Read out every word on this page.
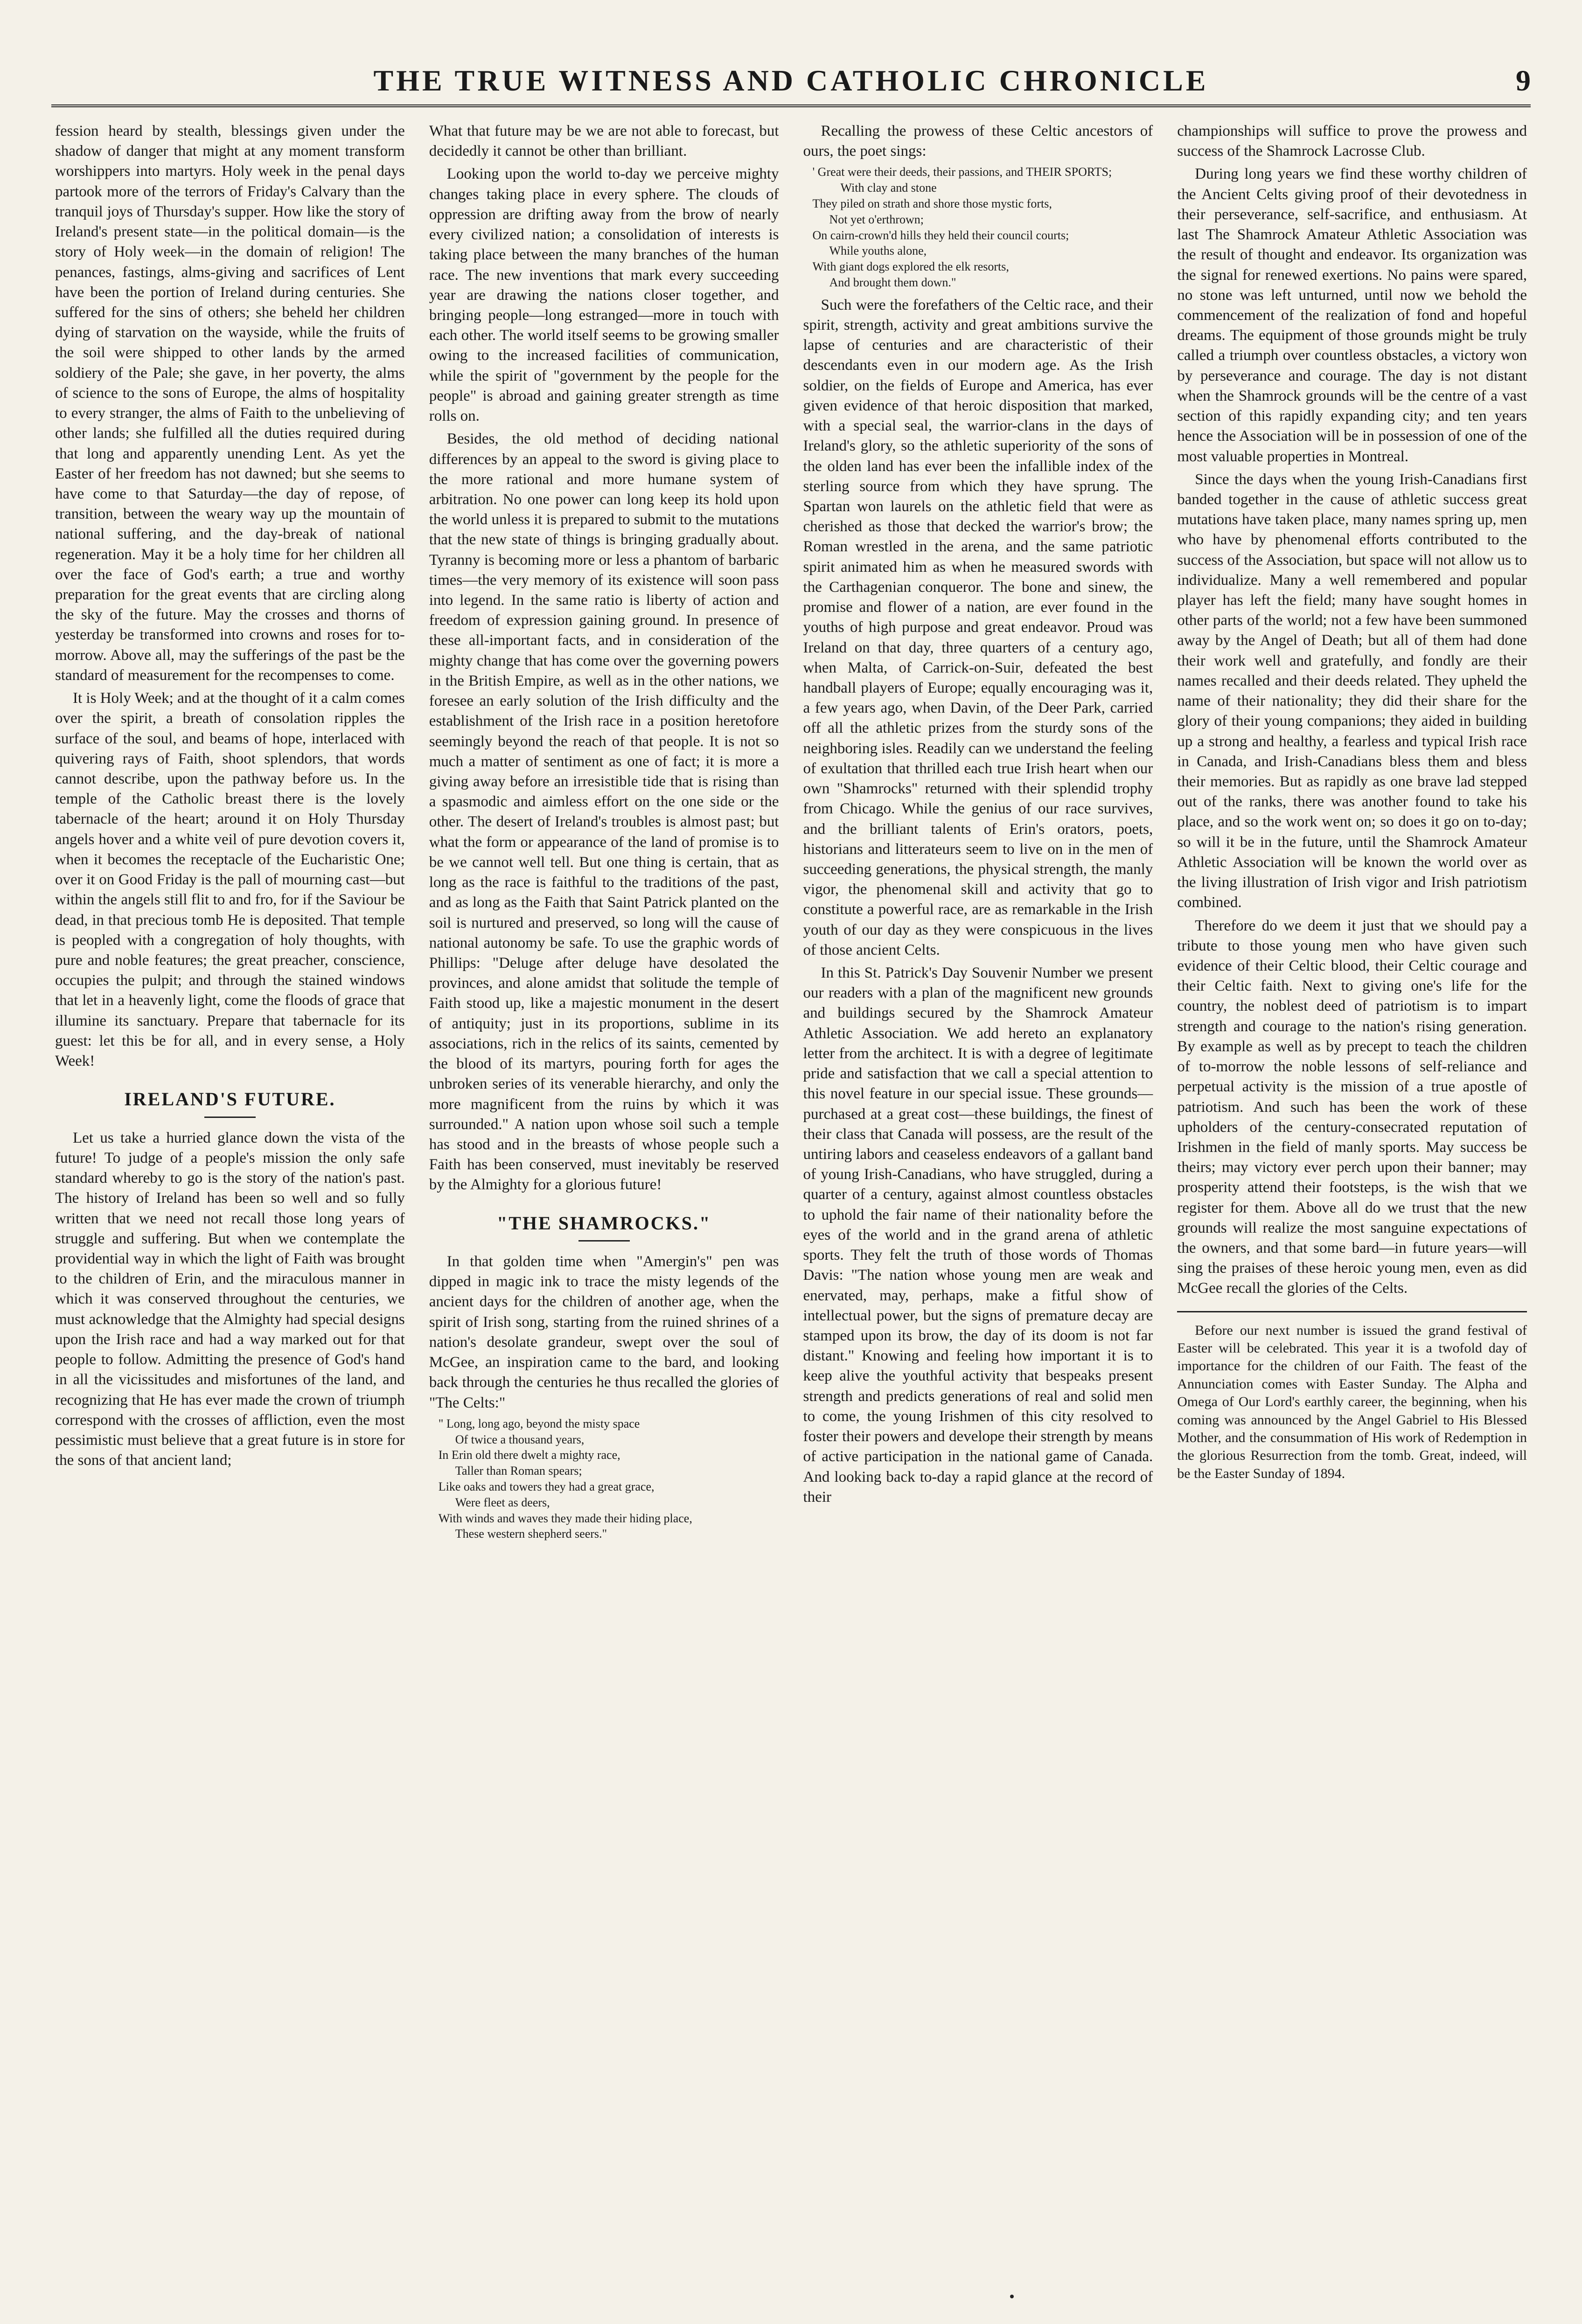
THE TRUE WITNESS AND CATHOLIC CHRONICLE	9

fession heard by stealth, blessings given under the shadow of danger that might at any moment transform worshippers into martyrs. Holy week in the penal days partook more of the terrors of Friday's Calvary than the tranquil joys of Thursday's supper. How like the story of Ireland's present state—in the political domain—is the story of Holy week—in the domain of religion! The penances, fastings, alms-giving and sacrifices of Lent have been the portion of Ireland during centuries. She suffered for the sins of others; she beheld her children dying of starvation on the wayside, while the fruits of the soil were shipped to other lands by the armed soldiery of the Pale; she gave, in her poverty, the alms of science to the sons of Europe, the alms of hospitality to every stranger, the alms of Faith to the unbelieving of other lands; she fulfilled all the duties required during that long and apparently unending Lent. As yet the Easter of her freedom has not dawned; but she seems to have come to that Saturday—the day of repose, of transition, between the weary way up the mountain of national suffering, and the day-break of national regeneration. May it be a holy time for her children all over the face of God's earth; a true and worthy preparation for the great events that are circling along the sky of the future. May the crosses and thorns of yesterday be transformed into crowns and roses for to-morrow. Above all, may the sufferings of the past be the standard of measurement for the recompenses to come.

It is Holy Week; and at the thought of it a calm comes over the spirit, a breath of consolation ripples the surface of the soul, and beams of hope, interlaced with quivering rays of Faith, shoot splendors, that words cannot describe, upon the pathway before us. In the temple of the Catholic breast there is the lovely tabernacle of the heart; around it on Holy Thursday angels hover and a white veil of pure devotion covers it, when it becomes the receptacle of the Eucharistic One; over it on Good Friday is the pall of mourning cast—but within the angels still flit to and fro, for if the Saviour be dead, in that precious tomb He is deposited. That temple is peopled with a congregation of holy thoughts, with pure and noble features; the great preacher, conscience, occupies the pulpit; and through the stained windows that let in a heavenly light, come the floods of grace that illumine its sanctuary. Prepare that tabernacle for its guest: let this be for all, and in every sense, a Holy Week!

IRELAND'S FUTURE.

Let us take a hurried glance down the vista of the future! To judge of a people's mission the only safe standard whereby to go is the story of the nation's past. The history of Ireland has been so well and so fully written that we need not recall those long years of struggle and suffering. But when we contemplate the providential way in which the light of Faith was brought to the children of Erin, and the miraculous manner in which it was conserved throughout the centuries, we must acknowledge that the Almighty had special designs upon the Irish race and had a way marked out for that people to follow. Admitting the presence of God's hand in all the vicissitudes and misfortunes of the land, and recognizing that He has ever made the crown of triumph correspond with the crosses of affliction, even the most pessimistic must believe that a great future is in store for the sons of that ancient land;

What that future may be we are not able to forecast, but decidedly it cannot be other than brilliant.

Looking upon the world to-day we perceive mighty changes taking place in every sphere. The clouds of oppression are drifting away from the brow of nearly every civilized nation; a consolidation of interests is taking place between the many branches of the human race. The new inventions that mark every succeeding year are drawing the nations closer together, and bringing people—long estranged—more in touch with each other. The world itself seems to be growing smaller owing to the increased facilities of communication, while the spirit of "government by the people for the people" is abroad and gaining greater strength as time rolls on.

Besides, the old method of deciding national differences by an appeal to the sword is giving place to the more rational and more humane system of arbitration. No one power can long keep its hold upon the world unless it is prepared to submit to the mutations that the new state of things is bringing gradually about. Tyranny is becoming more or less a phantom of barbaric times—the very memory of its existence will soon pass into legend. In the same ratio is liberty of action and freedom of expression gaining ground. In presence of these all-important facts, and in consideration of the mighty change that has come over the governing powers in the British Empire, as well as in the other nations, we foresee an early solution of the Irish difficulty and the establishment of the Irish race in a position heretofore seemingly beyond the reach of that people. It is not so much a matter of sentiment as one of fact; it is more a giving away before an irresistible tide that is rising than a spasmodic and aimless effort on the one side or the other. The desert of Ireland's troubles is almost past; but what the form or appearance of the land of promise is to be we cannot well tell. But one thing is certain, that as long as the race is faithful to the traditions of the past, and as long as the Faith that Saint Patrick planted on the soil is nurtured and preserved, so long will the cause of national autonomy be safe. To use the graphic words of Phillips: "Deluge after deluge have desolated the provinces, and alone amidst that solitude the temple of Faith stood up, like a majestic monument in the desert of antiquity; just in its proportions, sublime in its associations, rich in the relics of its saints, cemented by the blood of its martyrs, pouring forth for ages the unbroken series of its venerable hierarchy, and only the more magnificent from the ruins by which it was surrounded." A nation upon whose soil such a temple has stood and in the breasts of whose people such a Faith has been conserved, must inevitably be reserved by the Almighty for a glorious future!

"THE SHAMROCKS."

In that golden time when "Amergin's" pen was dipped in magic ink to trace the misty legends of the ancient days for the children of another age, when the spirit of Irish song, starting from the ruined shrines of a nation's desolate grandeur, swept over the soul of McGee, an inspiration came to the bard, and looking back through the centuries he thus recalled the glories of "The Celts:"

" Long, long ago, beyond the misty space
Of twice a thousand years,
In Erin old there dwelt a mighty race,
Taller than Roman spears;
Like oaks and towers they had a great grace,
Were fleet as deers,
With winds and waves they made their hiding place,
These western shepherd seers."

Recalling the prowess of these Celtic ancestors of ours, the poet sings:

' Great were their deeds, their passions, and THEIR SPORTS;
With clay and stone
They piled on strath and shore those mystic forts,
Not yet o'erthrown;
On cairn-crown'd hills they held their council courts;
While youths alone,
With giant dogs explored the elk resorts,
And brought them down."

Such were the forefathers of the Celtic race, and their spirit, strength, activity and great ambitions survive the lapse of centuries and are characteristic of their descendants even in our modern age. As the Irish soldier, on the fields of Europe and America, has ever given evidence of that heroic disposition that marked, with a special seal, the warrior-clans in the days of Ireland's glory, so the athletic superiority of the sons of the olden land has ever been the infallible index of the sterling source from which they have sprung. The Spartan won laurels on the athletic field that were as cherished as those that decked the warrior's brow; the Roman wrestled in the arena, and the same patriotic spirit animated him as when he measured swords with the Carthagenian conqueror. The bone and sinew, the promise and flower of a nation, are ever found in the youths of high purpose and great endeavor. Proud was Ireland on that day, three quarters of a century ago, when Malta, of Carrick-on-Suir, defeated the best handball players of Europe; equally encouraging was it, a few years ago, when Davin, of the Deer Park, carried off all the athletic prizes from the sturdy sons of the neighboring isles. Readily can we understand the feeling of exultation that thrilled each true Irish heart when our own "Shamrocks" returned with their splendid trophy from Chicago. While the genius of our race survives, and the brilliant talents of Erin's orators, poets, historians and litterateurs seem to live on in the men of succeeding generations, the physical strength, the manly vigor, the phenomenal skill and activity that go to constitute a powerful race, are as remarkable in the Irish youth of our day as they were conspicuous in the lives of those ancient Celts.

In this St. Patrick's Day Souvenir Number we present our readers with a plan of the magnificent new grounds and buildings secured by the Shamrock Amateur Athletic Association. We add hereto an explanatory letter from the architect. It is with a degree of legitimate pride and satisfaction that we call a special attention to this novel feature in our special issue. These grounds—purchased at a great cost—these buildings, the finest of their class that Canada will possess, are the result of the untiring labors and ceaseless endeavors of a gallant band of young Irish-Canadians, who have struggled, during a quarter of a century, against almost countless obstacles to uphold the fair name of their nationality before the eyes of the world and in the grand arena of athletic sports. They felt the truth of those words of Thomas Davis: "The nation whose young men are weak and enervated, may, perhaps, make a fitful show of intellectual power, but the signs of premature decay are stamped upon its brow, the day of its doom is not far distant." Knowing and feeling how important it is to keep alive the youthful activity that bespeaks present strength and predicts generations of real and solid men to come, the young Irishmen of this city resolved to foster their powers and develope their strength by means of active participation in the national game of Canada. And looking back to-day a rapid glance at the record of their

championships will suffice to prove the prowess and success of the Shamrock Lacrosse Club.

During long years we find these worthy children of the Ancient Celts giving proof of their devotedness in their perseverance, self-sacrifice, and enthusiasm. At last The Shamrock Amateur Athletic Association was the result of thought and endeavor. Its organization was the signal for renewed exertions. No pains were spared, no stone was left unturned, until now we behold the commencement of the realization of fond and hopeful dreams. The equipment of those grounds might be truly called a triumph over countless obstacles, a victory won by perseverance and courage. The day is not distant when the Shamrock grounds will be the centre of a vast section of this rapidly expanding city; and ten years hence the Association will be in possession of one of the most valuable properties in Montreal.

Since the days when the young Irish-Canadians first banded together in the cause of athletic success great mutations have taken place, many names spring up, men who have by phenomenal efforts contributed to the success of the Association, but space will not allow us to individualize. Many a well remembered and popular player has left the field; many have sought homes in other parts of the world; not a few have been summoned away by the Angel of Death; but all of them had done their work well and gratefully, and fondly are their names recalled and their deeds related. They upheld the name of their nationality; they did their share for the glory of their young companions; they aided in building up a strong and healthy, a fearless and typical Irish race in Canada, and Irish-Canadians bless them and bless their memories. But as rapidly as one brave lad stepped out of the ranks, there was another found to take his place, and so the work went on; so does it go on to-day; so will it be in the future, until the Shamrock Amateur Athletic Association will be known the world over as the living illustration of Irish vigor and Irish patriotism combined.

Therefore do we deem it just that we should pay a tribute to those young men who have given such evidence of their Celtic blood, their Celtic courage and their Celtic faith. Next to giving one's life for the country, the noblest deed of patriotism is to impart strength and courage to the nation's rising generation. By example as well as by precept to teach the children of to-morrow the noble lessons of self-reliance and perpetual activity is the mission of a true apostle of patriotism. And such has been the work of these upholders of the century-consecrated reputation of Irishmen in the field of manly sports. May success be theirs; may victory ever perch upon their banner; may prosperity attend their footsteps, is the wish that we register for them. Above all do we trust that the new grounds will realize the most sanguine expectations of the owners, and that some bard—in future years—will sing the praises of these heroic young men, even as did McGee recall the glories of the Celts.

Before our next number is issued the grand festival of Easter will be celebrated. This year it is a twofold day of importance for the children of our Faith. The feast of the Annunciation comes with Easter Sunday. The Alpha and Omega of Our Lord's earthly career, the beginning, when his coming was announced by the Angel Gabriel to His Blessed Mother, and the consummation of His work of Redemption in the glorious Resurrection from the tomb. Great, indeed, will be the Easter Sunday of 1894.
